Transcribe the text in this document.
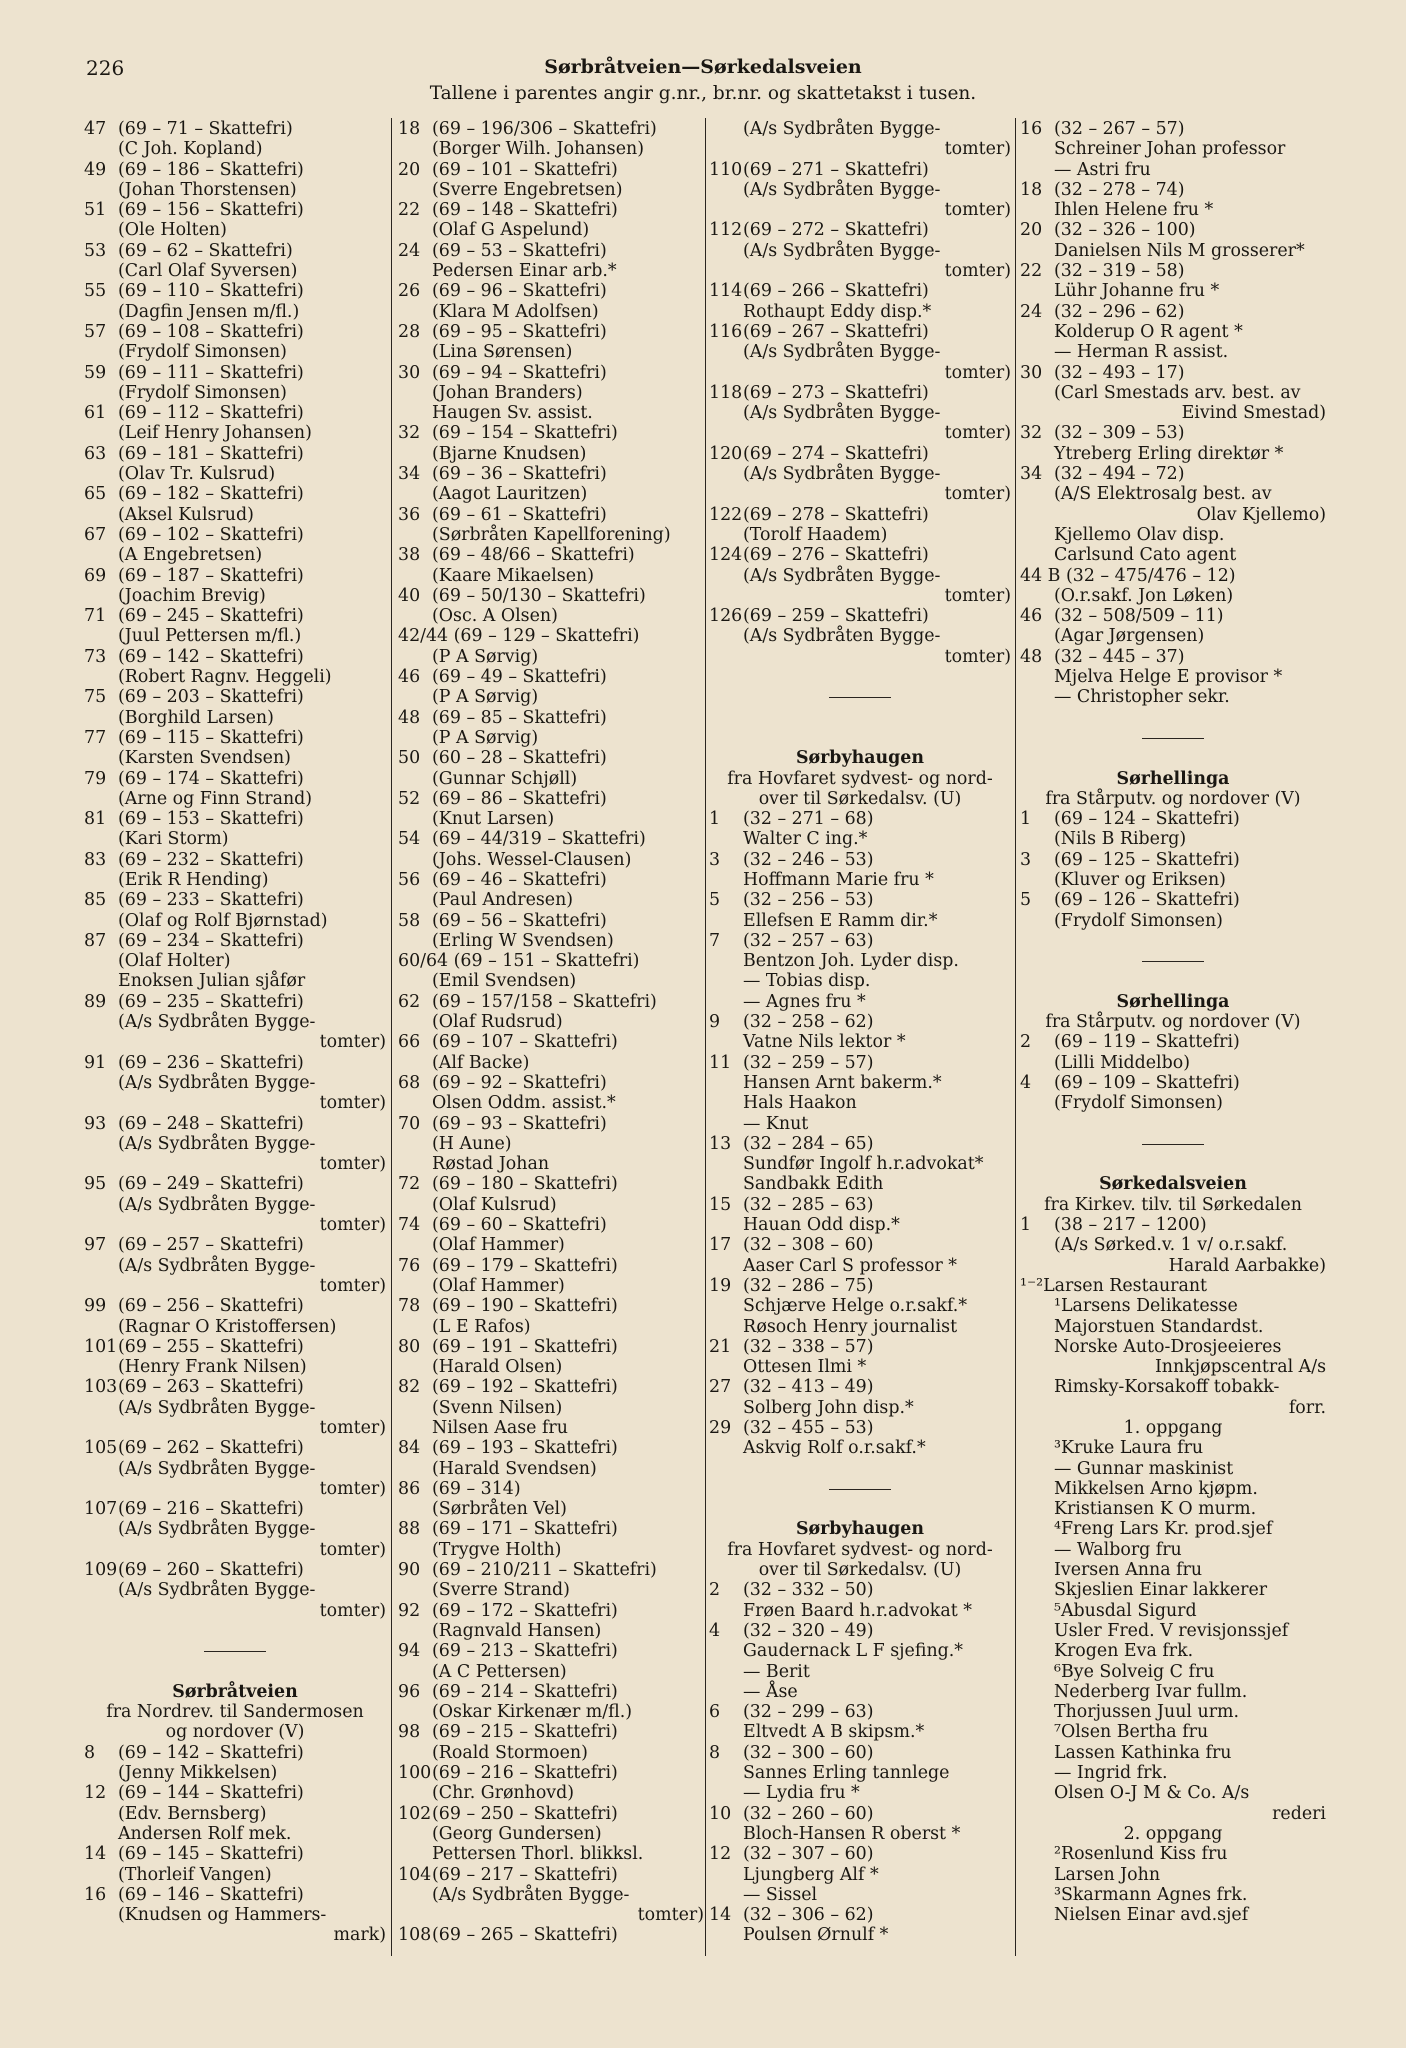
226	Sørbråtveien—Sørkedalsveien
Tallene i parentes angir g.nr., br.nr. og skattetakst i tusen.
47 (69 – 71 – Skattefri)
(C Joh. Kopland)
49 (69 – 186 – Skattefri)
(Johan Thorstensen)
51 (69 – 156 – Skattefri)
(Ole Holten)
53 (69 – 62 – Skattefri)
(Carl Olaf Syversen)
55 (69 – 110 – Skattefri)
(Dagfin Jensen m/fl.)
57 (69 – 108 – Skattefri)
(Frydolf Simonsen)
59 (69 – 111 – Skattefri)
(Frydolf Simonsen)
61 (69 – 112 – Skattefri)
(Leif Henry Johansen)
63 (69 – 181 – Skattefri)
(Olav Tr. Kulsrud)
65 (69 – 182 – Skattefri)
(Aksel Kulsrud)
67 (69 – 102 – Skattefri)
(A Engebretsen)
69 (69 – 187 – Skattefri)
(Joachim Brevig)
71 (69 – 245 – Skattefri)
(Juul Pettersen m/fl.)
73 (69 – 142 – Skattefri)
(Robert Ragnv. Heggeli)
75 (69 – 203 – Skattefri)
(Borghild Larsen)
77 (69 – 115 – Skattefri)
(Karsten Svendsen)
79 (69 – 174 – Skattefri)
(Arne og Finn Strand)
81 (69 – 153 – Skattefri)
(Kari Storm)
83 (69 – 232 – Skattefri)
(Erik R Hending)
85 (69 – 233 – Skattefri)
(Olaf og Rolf Bjørnstad)
87 (69 – 234 – Skattefri)
(Olaf Holter)
Enoksen Julian sjåfør
89 (69 – 235 – Skattefri)
(A/s Sydbråten Bygge-
tomter)
91 (69 – 236 – Skattefri)
(A/s Sydbråten Bygge-
tomter)
93 (69 – 248 – Skattefri)
(A/s Sydbråten Bygge-
tomter)
95 (69 – 249 – Skattefri)
(A/s Sydbråten Bygge-
tomter)
97 (69 – 257 – Skattefri)
(A/s Sydbråten Bygge-
tomter)
99 (69 – 256 – Skattefri)
(Ragnar O Kristoffersen)
101 (69 – 255 – Skattefri)
(Henry Frank Nilsen)
103 (69 – 263 – Skattefri)
(A/s Sydbråten Bygge-
tomter)
105 (69 – 262 – Skattefri)
(A/s Sydbråten Bygge-
tomter)
107 (69 – 216 – Skattefri)
(A/s Sydbråten Bygge-
tomter)
109 (69 – 260 – Skattefri)
(A/s Sydbråten Bygge-
tomter)
Sørbråtveien
fra Nordrev. til Sandermosen
og nordover (V)
8	(69 – 142 – Skattefri)
(Jenny Mikkelsen)
12 (69 – 144 – Skattefri)
(Edv. Bernsberg)
Andersen Rolf mek.
14 (69 – 145 – Skattefri)
(Thorleif Vangen)
16 (69 – 146 – Skattefri)
(Knudsen og Hammers-
mark)
18 (69 – 196/306 – Skattefri)
(Borger Wilh. Johansen)
20 (69 – 101 – Skattefri)
(Sverre Engebretsen)
22 (69 – 148 – Skattefri)
(Olaf G Aspelund)
24 (69 – 53 – Skattefri)
Pedersen Einar arb.*
26 (69 – 96 – Skattefri)
(Klara M Adolfsen)
28 (69 – 95 – Skattefri)
(Lina Sørensen)
30 (69 – 94 – Skattefri)
(Johan Branders)
Haugen Sv. assist.
32 (69 – 154 – Skattefri)
(Bjarne Knudsen)
34 (69 – 36 – Skattefri)
(Aagot Lauritzen)
36 (69 – 61 – Skattefri)
(Sørbråten Kapellforening)
38 (69 – 48/66 – Skattefri)
(Kaare Mikaelsen)
40 (69 – 50/130 – Skattefri)
(Osc. A Olsen)
42/44 (69 – 129 – Skattefri)
(P A Sørvig)
46 (69 – 49 – Skattefri)
(P A Sørvig)
48 (69 – 85 – Skattefri)
(P A Sørvig)
50 (60 – 28 – Skattefri)
(Gunnar Schjøll)
52 (69 – 86 – Skattefri)
(Knut Larsen)
54 (69 – 44/319 – Skattefri)
(Johs. Wessel-Clausen)
56 (69 – 46 – Skattefri)
(Paul Andresen)
58 (69 – 56 – Skattefri)
(Erling W Svendsen)
60/64 (69 – 151 – Skattefri)
(Emil Svendsen)
62 (69 – 157/158 – Skattefri)
(Olaf Rudsrud)
66 (69 – 107 – Skattefri)
(Alf Backe)
68 (69 – 92 – Skattefri)
Olsen Oddm. assist.*
70 (69 – 93 – Skattefri)
(H Aune)
Røstad Johan
72 (69 – 180 – Skattefri)
(Olaf Kulsrud)
74 (69 – 60 – Skattefri)
(Olaf Hammer)
76 (69 – 179 – Skattefri)
(Olaf Hammer)
78 (69 – 190 – Skattefri)
(L E Rafos)
80 (69 – 191 – Skattefri)
(Harald Olsen)
82 (69 – 192 – Skattefri)
(Svenn Nilsen)
Nilsen Aase fru
84 (69 – 193 – Skattefri)
(Harald Svendsen)
86 (69 – 314)
(Sørbråten Vel)
88 (69 – 171 – Skattefri)
(Trygve Holth)
90 (69 – 210/211 – Skattefri)
(Sverre Strand)
92 (69 – 172 – Skattefri)
(Ragnvald Hansen)
94 (69 – 213 – Skattefri)
(A C Pettersen)
96 (69 – 214 – Skattefri)
(Oskar Kirkenær m/fl.)
98 (69 – 215 – Skattefri)
(Roald Stormoen)
100 (69 – 216 – Skattefri)
(Chr. Grønhovd)
102 (69 – 250 – Skattefri)
(Georg Gundersen)
Pettersen Thorl. blikksl.
104 (69 – 217 – Skattefri)
(A/s Sydbråten Bygge-
tomter)
108 (69 – 265 – Skattefri)
(A/s Sydbråten Bygge-
tomter)
110 (69 – 271 – Skattefri)
(A/s Sydbråten Bygge-
tomter)
112 (69 – 272 – Skattefri)
(A/s Sydbråten Bygge-
tomter)
114 (69 – 266 – Skattefri)
Rothaupt Eddy disp.*
116 (69 – 267 – Skattefri)
(A/s Sydbråten Bygge-
tomter)
118 (69 – 273 – Skattefri)
(A/s Sydbråten Bygge-
tomter)
120 (69 – 274 – Skattefri)
(A/s Sydbråten Bygge-
tomter)
122 (69 – 278 – Skattefri)
(Torolf Haadem)
124 (69 – 276 – Skattefri)
(A/s Sydbråten Bygge-
tomter)
126 (69 – 259 – Skattefri)
(A/s Sydbråten Bygge-
tomter)
Sørbyhaugen
fra Hovfaret sydvest- og nord-
over til Sørkedalsv. (U)
1	(32 – 271 – 68)
Walter C ing.*
3	(32 – 246 – 53)
Hoffmann Marie fru *
5	(32 – 256 – 53)
Ellefsen E Ramm dir.*
7	(32 – 257 – 63)
Bentzon Joh. Lyder disp.
— Tobias disp.
— Agnes fru *
9	(32 – 258 – 62)
Vatne Nils lektor *
11 (32 – 259 – 57)
Hansen Arnt bakerm.*
Hals Haakon
— Knut
13 (32 – 284 – 65)
Sundfør Ingolf h.r.advokat*
Sandbakk Edith
15 (32 – 285 – 63)
Hauan Odd disp.*
17 (32 – 308 – 60)
Aaser Carl S professor *
19 (32 – 286 – 75)
Schjærve Helge o.r.sakf.*
Røsoch Henry journalist
21 (32 – 338 – 57)
Ottesen Ilmi *
27 (32 – 413 – 49)
Solberg John disp.*
29 (32 – 455 – 53)
Askvig Rolf o.r.sakf.*
Sørbyhaugen
fra Hovfaret sydvest- og nord-
over til Sørkedalsv. (U)
2	(32 – 332 – 50)
Frøen Baard h.r.advokat *
4	(32 – 320 – 49)
Gaudernack L F sjefing.*
— Berit
— Åse
6	(32 – 299 – 63)
Eltvedt A B skipsm.*
8	(32 – 300 – 60)
Sannes Erling tannlege
— Lydia fru *
10 (32 – 260 – 60)
Bloch-Hansen R oberst *
12 (32 – 307 – 60)
Ljungberg Alf *
— Sissel
14 (32 – 306 – 62)
Poulsen Ørnulf *
16 (32 – 267 – 57)
Schreiner Johan professor
— Astri fru
18 (32 – 278 – 74)
Ihlen Helene fru *
20 (32 – 326 – 100)
Danielsen Nils M grosserer*
22 (32 – 319 – 58)
Lühr Johanne fru *
24 (32 – 296 – 62)
Kolderup O R agent *
— Herman R assist.
30 (32 – 493 – 17)
(Carl Smestads arv. best. av
Eivind Smestad)
32 (32 – 309 – 53)
Ytreberg Erling direktør *
34 (32 – 494 – 72)
(A/S Elektrosalg best. av
Olav Kjellemo)
Kjellemo Olav disp.
Carlsund Cato agent
44 B (32 – 475/476 – 12)
(O.r.sakf. Jon Løken)
46 (32 – 508/509 – 11)
(Agar Jørgensen)
48 (32 – 445 – 37)
Mjelva Helge E provisor *
— Christopher sekr.
Sørhellinga
fra Stårputv. og nordover (V)
1	(69 – 124 – Skattefri)
(Nils B Riberg)
3	(69 – 125 – Skattefri)
(Kluver og Eriksen)
5	(69 – 126 – Skattefri)
(Frydolf Simonsen)
Sørhellinga
fra Stårputv. og nordover (V)
2	(69 – 119 – Skattefri)
(Lilli Middelbo)
4	(69 – 109 – Skattefri)
(Frydolf Simonsen)
Sørkedalsveien
fra Kirkev. tilv. til Sørkedalen
1	(38 – 217 – 1200)
(A/s Sørked.v. 1 v/ o.r.sakf.
Harald Aarbakke)
¹⁻²Larsen Restaurant
¹Larsens Delikatesse
Majorstuen Standardst.
Norske Auto-Drosjeeieres
Innkjøpscentral A/s
Rimsky-Korsakoff tobakk-
forr.
1. oppgang
³Kruke Laura fru
— Gunnar maskinist
Mikkelsen Arno kjøpm.
Kristiansen K O murm.
⁴Freng Lars Kr. prod.sjef
— Walborg fru
Iversen Anna fru
Skjeslien Einar lakkerer
⁵Abusdal Sigurd
Usler Fred. V revisjonssjef
Krogen Eva frk.
⁶Bye Solveig C fru
Nederberg Ivar fullm.
Thorjussen Juul urm.
⁷Olsen Bertha fru
Lassen Kathinka fru
— Ingrid frk.
Olsen O-J M & Co. A/s
rederi
2. oppgang
²Rosenlund Kiss fru
Larsen John
³Skarmann Agnes frk.
Nielsen Einar avd.sjef
